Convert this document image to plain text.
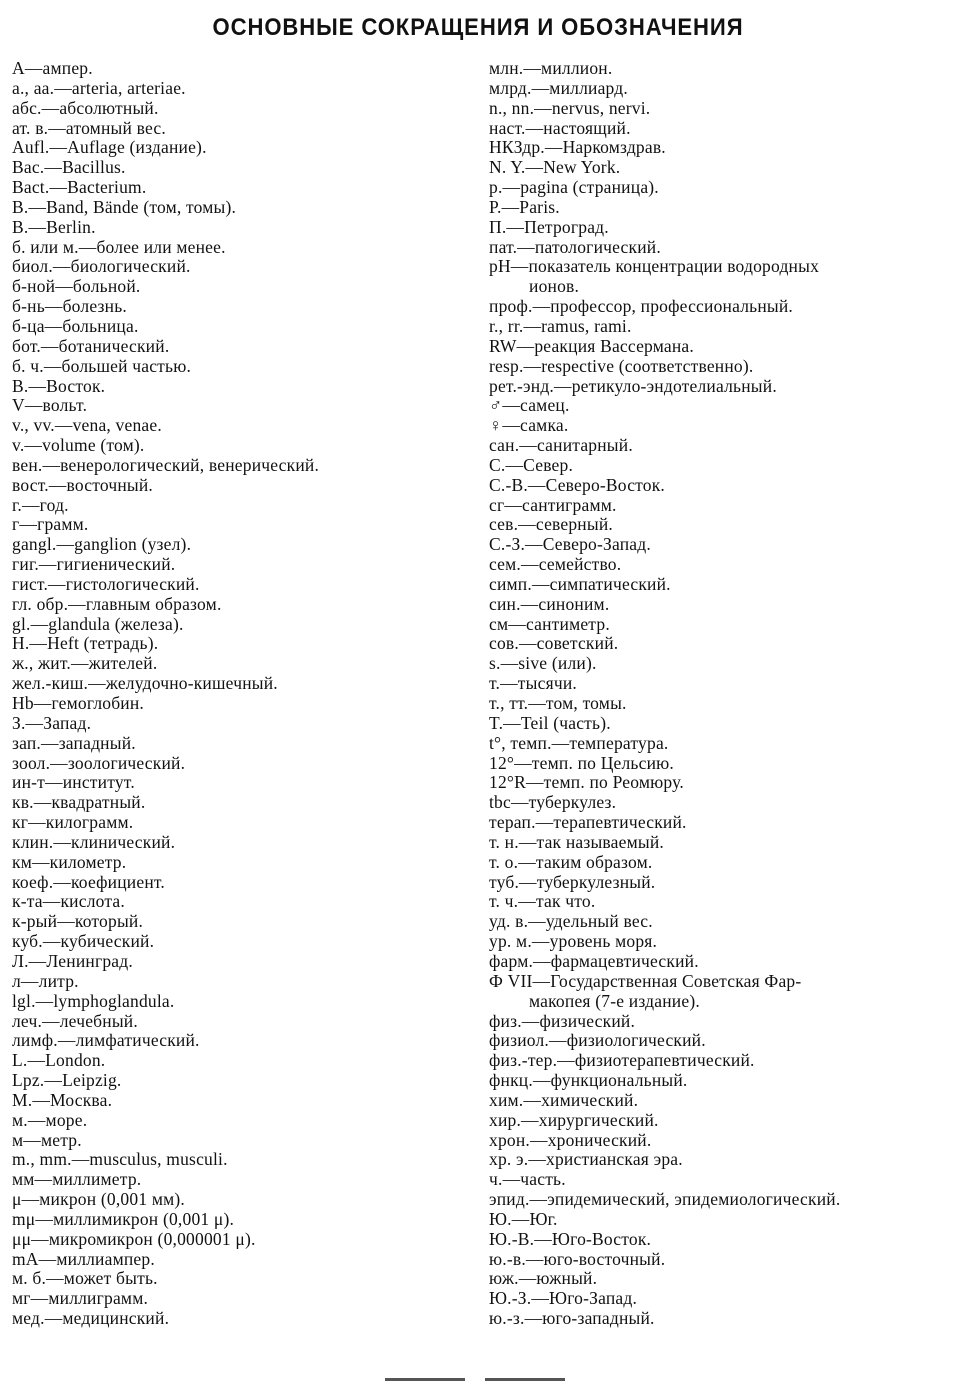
ОСНОВНЫЕ СОКРАЩЕНИЯ И ОБОЗНАЧЕНИЯ
A—ампер.
a., aa.—arteria, arteriae.
абс.—абсолютный.
ат. в.—атомный вес.
Aufl.—Auflage (издание).
Bac.—Bacillus.
Bact.—Bacterium.
B.—Band, Bände (том, томы).
B.—Berlin.
б. или м.—более или менее.
биол.—биологический.
б-ной—больной.
б-нь—болезнь.
б-ца—больница.
бот.—ботанический.
б. ч.—большей частью.
В.—Восток.
V—вольт.
v., vv.—vena, venae.
v.—volume (том).
вен.—венерологический, венерический.
вост.—восточный.
г.—год.
г—грамм.
gangl.—ganglion (узел).
гиг.—гигиенический.
гист.—гистологический.
гл. обр.—главным образом.
gl.—glandula (железа).
H.—Heft (тетрадь).
ж., жит.—жителей.
жел.-киш.—желудочно-кишечный.
Hb—гемоглобин.
З.—Запад.
зап.—западный.
зоол.—зоологический.
ин-т—институт.
кв.—квадратный.
кг—килограмм.
клин.—клинический.
км—километр.
коеф.—коефициент.
к-та—кислота.
к-рый—который.
куб.—кубический.
Л.—Ленинград.
л—литр.
lgl.—lymphoglandula.
леч.—лечебный.
лимф.—лимфатический.
L.—London.
Lpz.—Leipzig.
М.—Москва.
м.—море.
м—метр.
m., mm.—musculus, musculi.
мм—миллиметр.
μ—микрон (0,001 мм).
mμ—миллимикрон (0,001 μ).
μμ—микромикрон (0,000001 μ).
mA—миллиампер.
м. б.—может быть.
мг—миллиграмм.
мед.—медицинский.
млн.—миллион.
млрд.—миллиард.
n., nn.—nervus, nervi.
наст.—настоящий.
НКЗдр.—Наркомздрав.
N. Y.—New York.
p.—pagina (страница).
P.—Paris.
П.—Петроград.
пат.—патологический.
pH—показатель концентрации водородных
ионов.
проф.—профессор, профессиональный.
r., rr.—ramus, rami.
RW—реакция Вассермана.
resp.—respective (соответственно).
рет.-энд.—ретикуло-эндотелиальный.
♂—самец.
♀—самка.
сан.—санитарный.
С.—Север.
С.-В.—Северо-Восток.
сг—сантиграмм.
сев.—северный.
С.-З.—Северо-Запад.
сем.—семейство.
симп.—симпатический.
син.—синоним.
см—сантиметр.
сов.—советский.
s.—sive (или).
т.—тысячи.
т., тт.—том, томы.
T.—Teil (часть).
t°, темп.—температура.
12°—темп. по Цельсию.
12°R—темп. по Реомюру.
tbc—туберкулез.
терап.—терапевтический.
т. н.—так называемый.
т. о.—таким образом.
туб.—туберкулезный.
т. ч.—так что.
уд. в.—удельный вес.
ур. м.—уровень моря.
фарм.—фармацевтический.
Ф VII—Государственная Советская Фар-
макопея (7-е издание).
физ.—физический.
физиол.—физиологический.
физ.-тер.—физиотерапевтический.
фнкц.—функциональный.
хим.—химический.
хир.—хирургический.
хрон.—хронический.
хр. э.—христианская эра.
ч.—часть.
эпид.—эпидемический, эпидемиологический.
Ю.—Юг.
Ю.-В.—Юго-Восток.
ю.-в.—юго-восточный.
юж.—южный.
Ю.-З.—Юго-Запад.
ю.-з.—юго-западный.
